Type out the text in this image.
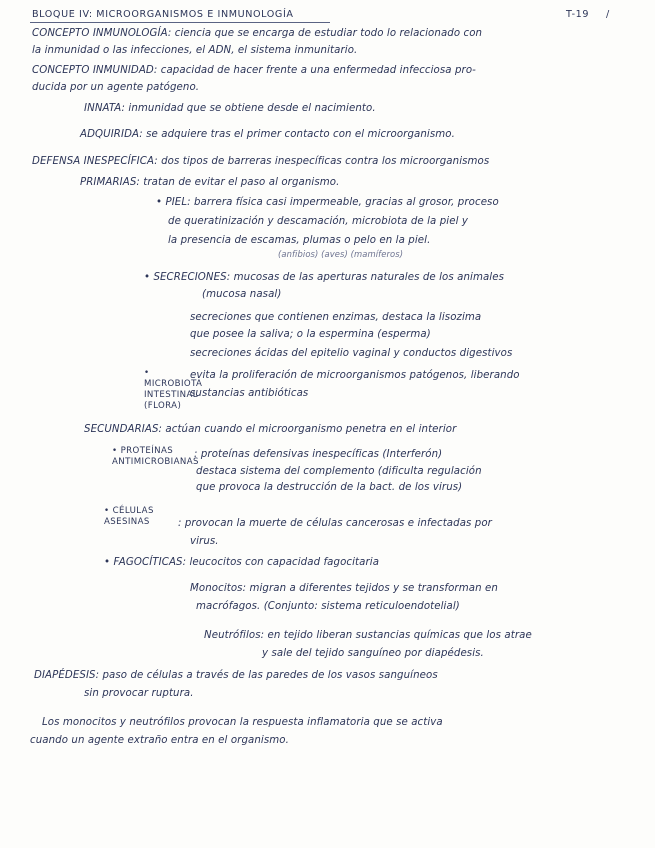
BLOQUE IV: MICROORGANISMOS E INMUNOLOGÍA	T-19 /
CONCEPTO INMUNOLOGÍA: ciencia que se encarga de estudiar todo lo relacionado con
la inmunidad o las infecciones, el ADN, el sistema inmunitario.
CONCEPTO INMUNIDAD: capacidad de hacer frente a una enfermedad infecciosa pro-
ducida por un agente patógeno.
INNATA: inmunidad que se obtiene desde el nacimiento.
ADQUIRIDA: se adquiere tras el primer contacto con el microorganismo.
DEFENSA INESPECÍFICA: dos tipos de barreras inespecíficas contra los microorganismos
PRIMARIAS: tratan de evitar el paso al organismo.
• PIEL: barrera física casi impermeable, gracias al grosor, proceso
de queratinización y descamación, microbiota de la piel y
la presencia de escamas, plumas o pelo en la piel.
(anfibios) (aves) (mamíferos)
• SECRECIONES: mucosas de las aperturas naturales de los animales
(mucosa nasal)
secreciones que contienen enzimas, destaca la lisozima
que posee la saliva; o la espermina (esperma)
secreciones ácidas del epitelio vaginal y conductos digestivos
• MICROBIOTA INTESTINAL (FLORA)
evita la proliferación de microorganismos patógenos, liberando
sustancias antibióticas
SECUNDARIAS: actúan cuando el microorganismo penetra en el interior
• PROTEÍNAS ANTIMICROBIANAS
: proteínas defensivas inespecíficas (Interferón)
destaca sistema del complemento (dificulta regulación
que provoca la destrucción de la bact. de los virus)
• CÉLULAS ASESINAS	: provocan la muerte de células cancerosas e infectadas por
virus.
• FAGOCÍTICAS: leucocitos con capacidad fagocitaria
Monocitos: migran a diferentes tejidos y se transforman en
macrófagos. (Conjunto: sistema reticuloendotelial)
Neutrófilos: en tejido liberan sustancias químicas que los atrae
y sale del tejido sanguíneo por diapédesis.
DIAPÉDESIS: paso de células a través de las paredes de los vasos sanguíneos
sin provocar ruptura.
Los monocitos y neutrófilos provocan la respuesta inflamatoria que se activa
cuando un agente extraño entra en el organismo.
